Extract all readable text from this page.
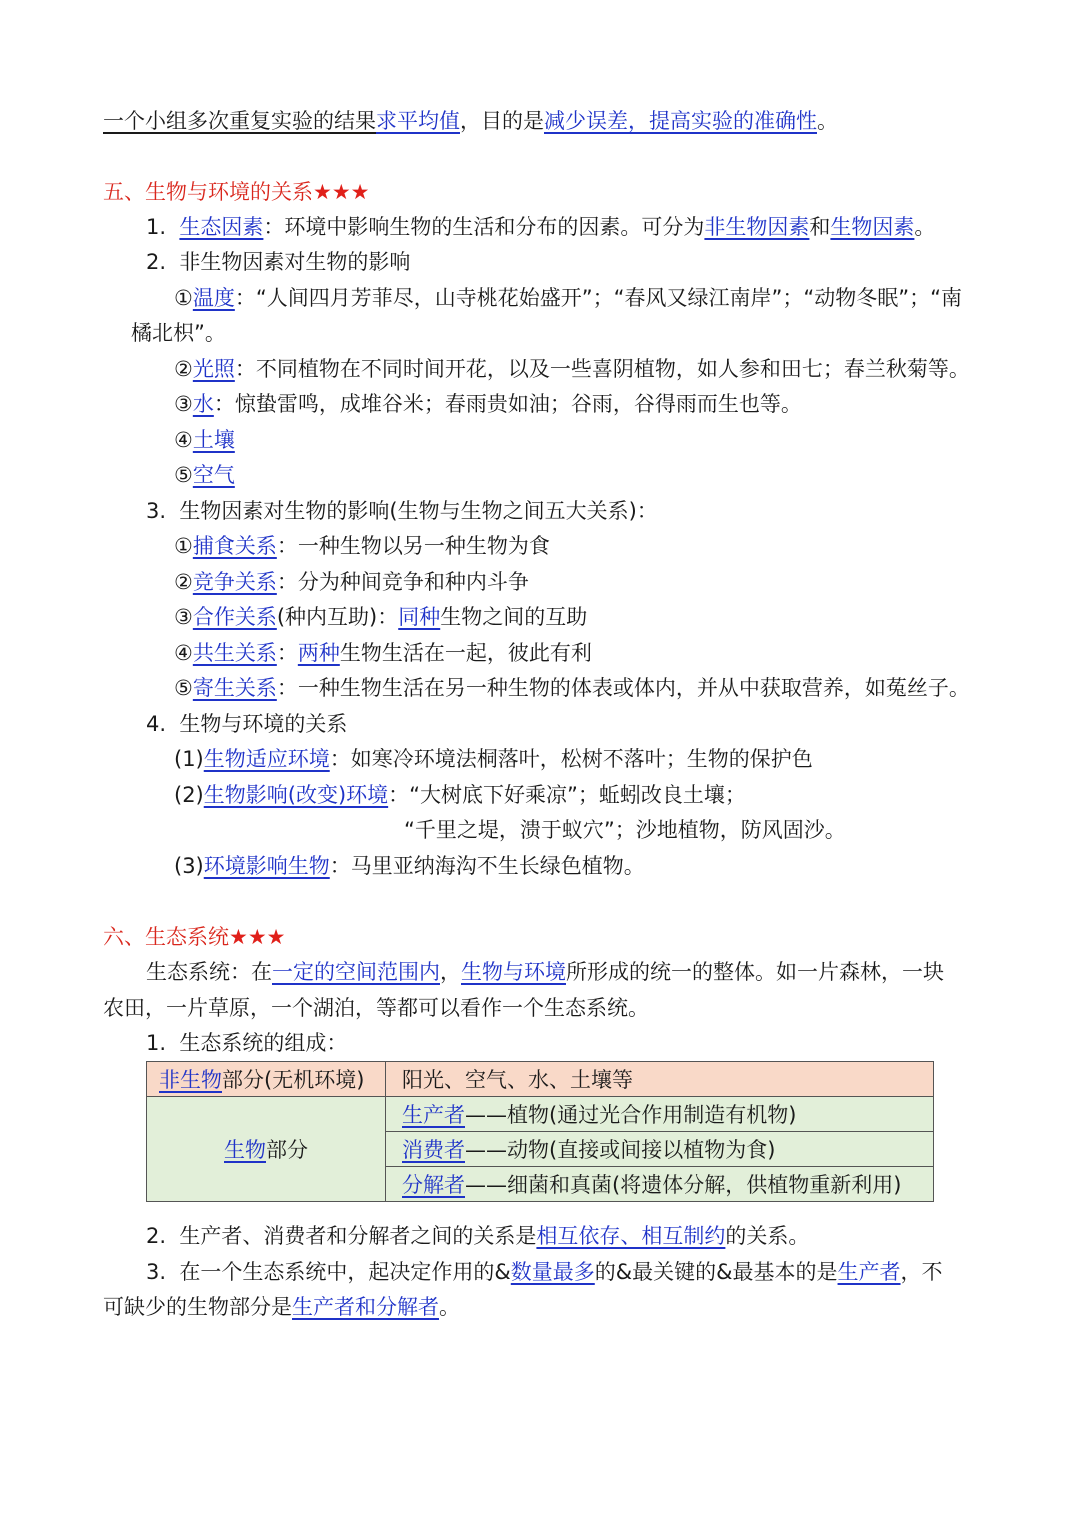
一个小组多次重复实验的结果求平均值，目的是减少误差，提高实验的准确性。
五、生物与环境的关系★★★
1. 生态因素：环境中影响生物的生活和分布的因素。可分为非生物因素和生物因素。
2. 非生物因素对生物的影响
①温度：“人间四月芳菲尽，山寺桃花始盛开”；“春风又绿江南岸”；“动物冬眠”；“南
橘北枳”。
②光照：不同植物在不同时间开花，以及一些喜阴植物，如人参和田七；春兰秋菊等。
③水：惊蛰雷鸣，成堆谷米；春雨贵如油；谷雨，谷得雨而生也等。
④土壤
⑤空气
3. 生物因素对生物的影响(生物与生物之间五大关系)：
①捕食关系：一种生物以另一种生物为食
②竞争关系：分为种间竞争和种内斗争
③合作关系(种内互助)：同种生物之间的互助
④共生关系：两种生物生活在一起，彼此有利
⑤寄生关系：一种生物生活在另一种生物的体表或体内，并从中获取营养，如菟丝子。
4. 生物与环境的关系
(1)生物适应环境：如寒冷环境法桐落叶，松树不落叶；生物的保护色
(2)生物影响(改变)环境：“大树底下好乘凉”；蚯蚓改良土壤；
“千里之堤，溃于蚁穴”；沙地植物，防风固沙。
(3)环境影响生物：马里亚纳海沟不生长绿色植物。
六、生态系统★★★
生态系统：在一定的空间范围内，生物与环境所形成的统一的整体。如一片森林，一块
农田，一片草原，一个湖泊，等都可以看作一个生态系统。
1. 生态系统的组成：
非生物部分(无机环境)	阳光、空气、水、土壤等
生物部分	生产者——植物(通过光合作用制造有机物)
	消费者——动物(直接或间接以植物为食)
	分解者——细菌和真菌(将遗体分解，供植物重新利用)
2. 生产者、消费者和分解者之间的关系是相互依存、相互制约的关系。
3. 在一个生态系统中，起决定作用的&数量最多的&最关键的&最基本的是生产者，不
可缺少的生物部分是生产者和分解者。
